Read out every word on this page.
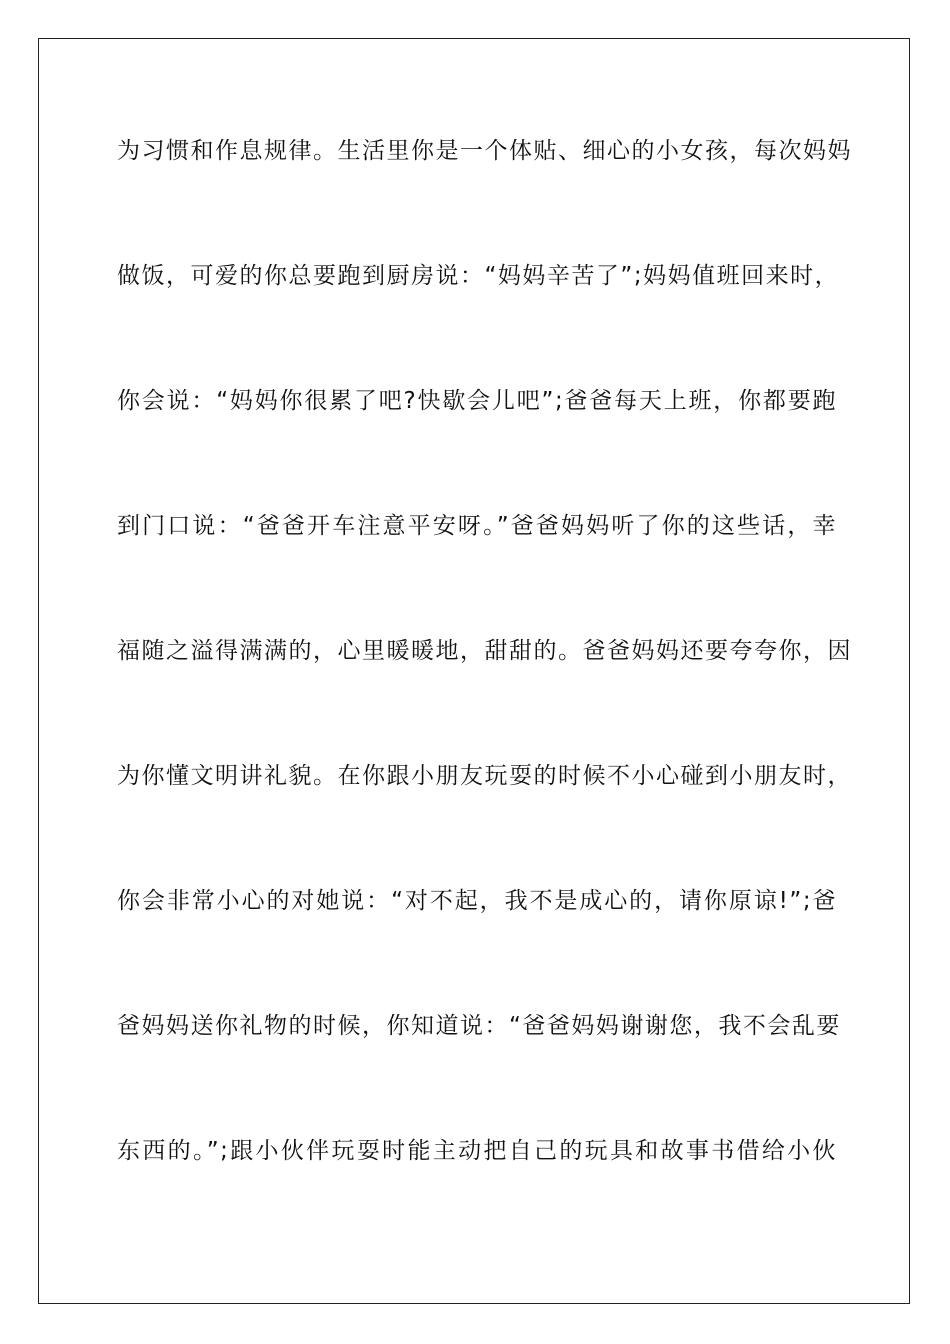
为习惯和作息规律。生活里你是一个体贴、细心的小女孩，每次妈妈
做饭，可爱的你总要跑到厨房说：“妈妈辛苦了”;妈妈值班回来时，
你会说：“妈妈你很累了吧?快歇会儿吧”;爸爸每天上班，你都要跑
到门口说：“爸爸开车注意平安呀。”爸爸妈妈听了你的这些话，幸
福随之溢得满满的，心里暖暖地，甜甜的。爸爸妈妈还要夸夸你，因
为你懂文明讲礼貌。在你跟小朋友玩耍的时候不小心碰到小朋友时，
你会非常小心的对她说：“对不起，我不是成心的，请你原谅!”;爸
爸妈妈送你礼物的时候，你知道说：“爸爸妈妈谢谢您，我不会乱要
东西的。”;跟小伙伴玩耍时能主动把自己的玩具和故事书借给小伙
